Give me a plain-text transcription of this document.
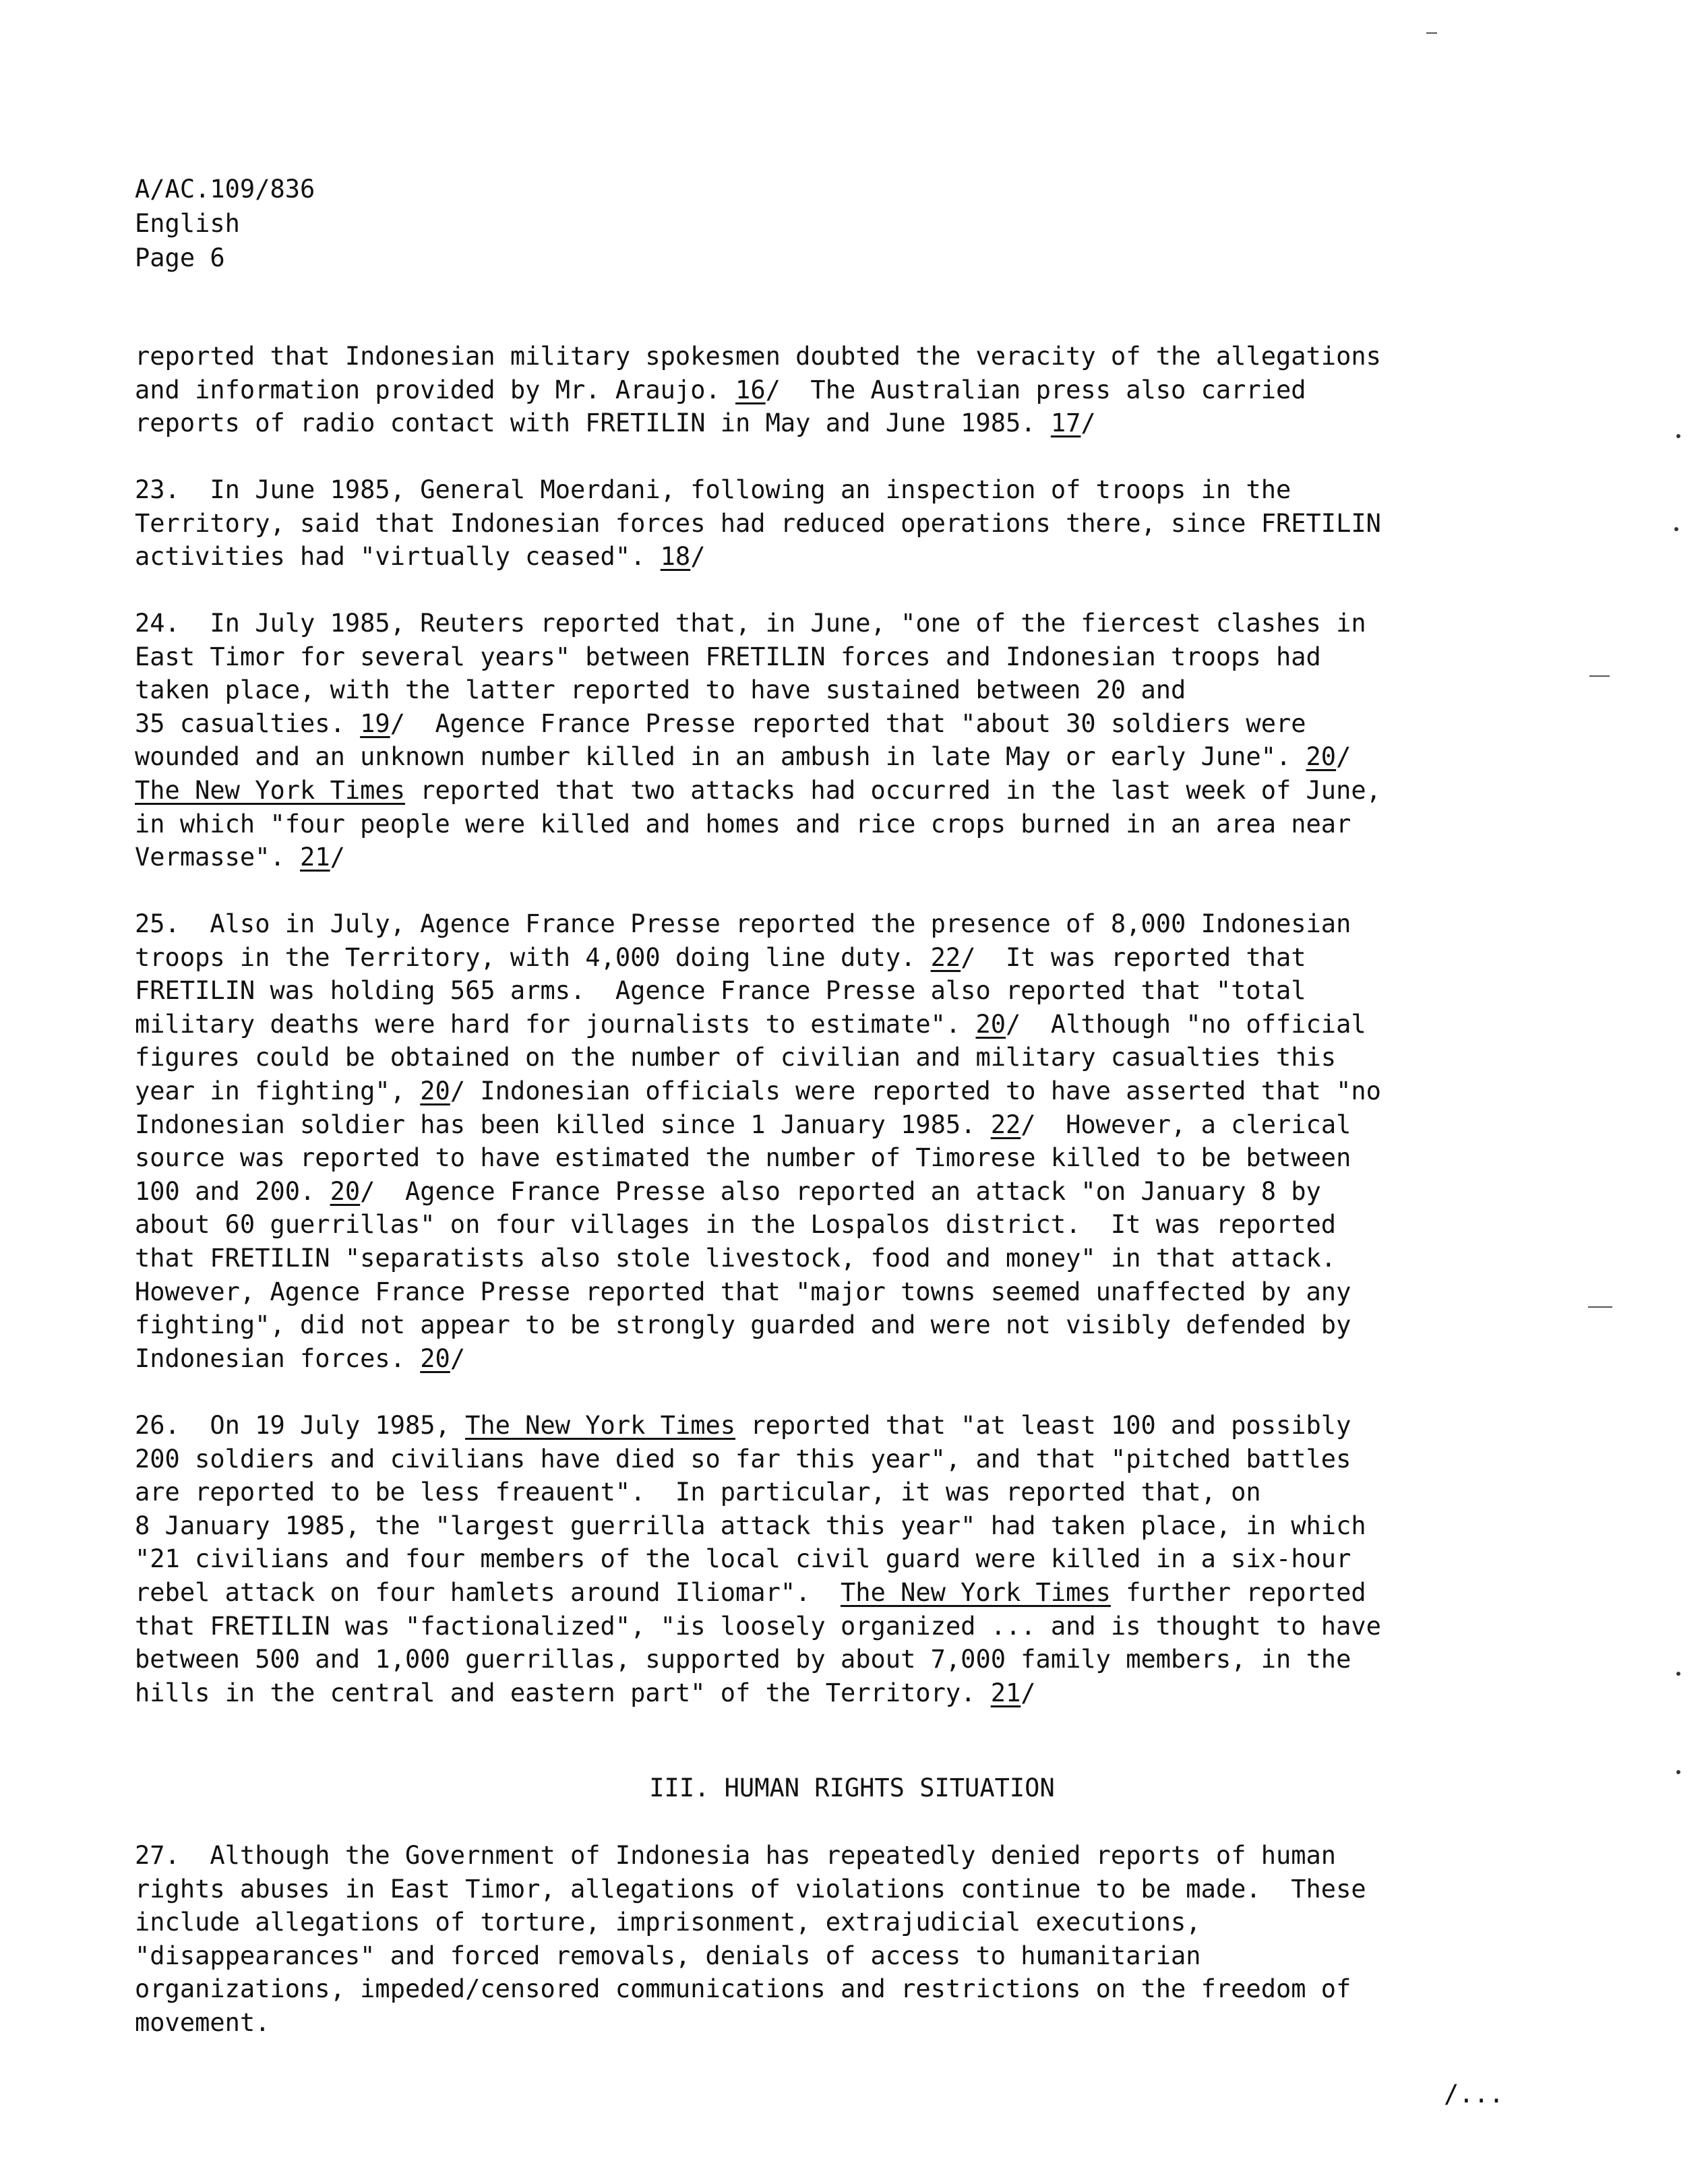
A/AC.109/836
English
Page 6
reported that Indonesian military spokesmen doubted the veracity of the allegations
and information provided by Mr. Araujo. 16/  The Australian press also carried
reports of radio contact with FRETILIN in May and June 1985. 17/
23.  In June 1985, General Moerdani, following an inspection of troops in the
Territory, said that Indonesian forces had reduced operations there, since FRETILIN
activities had "virtually ceased". 18/
24.  In July 1985, Reuters reported that, in June, "one of the fiercest clashes in
East Timor for several years" between FRETILIN forces and Indonesian troops had
taken place, with the latter reported to have sustained between 20 and
35 casualties. 19/  Agence France Presse reported that "about 30 soldiers were
wounded and an unknown number killed in an ambush in late May or early June". 20/
The New York Times reported that two attacks had occurred in the last week of June,
in which "four people were killed and homes and rice crops burned in an area near
Vermasse". 21/
25.  Also in July, Agence France Presse reported the presence of 8,000 Indonesian
troops in the Territory, with 4,000 doing line duty. 22/  It was reported that
FRETILIN was holding 565 arms.  Agence France Presse also reported that "total
military deaths were hard for journalists to estimate". 20/  Although "no official
figures could be obtained on the number of civilian and military casualties this
year in fighting", 20/ Indonesian officials were reported to have asserted that "no
Indonesian soldier has been killed since 1 January 1985. 22/  However, a clerical
source was reported to have estimated the number of Timorese killed to be between
100 and 200. 20/  Agence France Presse also reported an attack "on January 8 by
about 60 guerrillas" on four villages in the Lospalos district.  It was reported
that FRETILIN "separatists also stole livestock, food and money" in that attack.
However, Agence France Presse reported that "major towns seemed unaffected by any
fighting", did not appear to be strongly guarded and were not visibly defended by
Indonesian forces. 20/
26.  On 19 July 1985, The New York Times reported that "at least 100 and possibly
200 soldiers and civilians have died so far this year", and that "pitched battles
are reported to be less freauent".  In particular, it was reported that, on
8 January 1985, the "largest guerrilla attack this year" had taken place, in which
"21 civilians and four members of the local civil guard were killed in a six-hour
rebel attack on four hamlets around Iliomar".  The New York Times further reported
that FRETILIN was "factionalized", "is loosely organized ... and is thought to have
between 500 and 1,000 guerrillas, supported by about 7,000 family members, in the
hills in the central and eastern part" of the Territory. 21/
III. HUMAN RIGHTS SITUATION
27.  Although the Government of Indonesia has repeatedly denied reports of human
rights abuses in East Timor, allegations of violations continue to be made.  These
include allegations of torture, imprisonment, extrajudicial executions,
"disappearances" and forced removals, denials of access to humanitarian
organizations, impeded/censored communications and restrictions on the freedom of
movement.
/...
